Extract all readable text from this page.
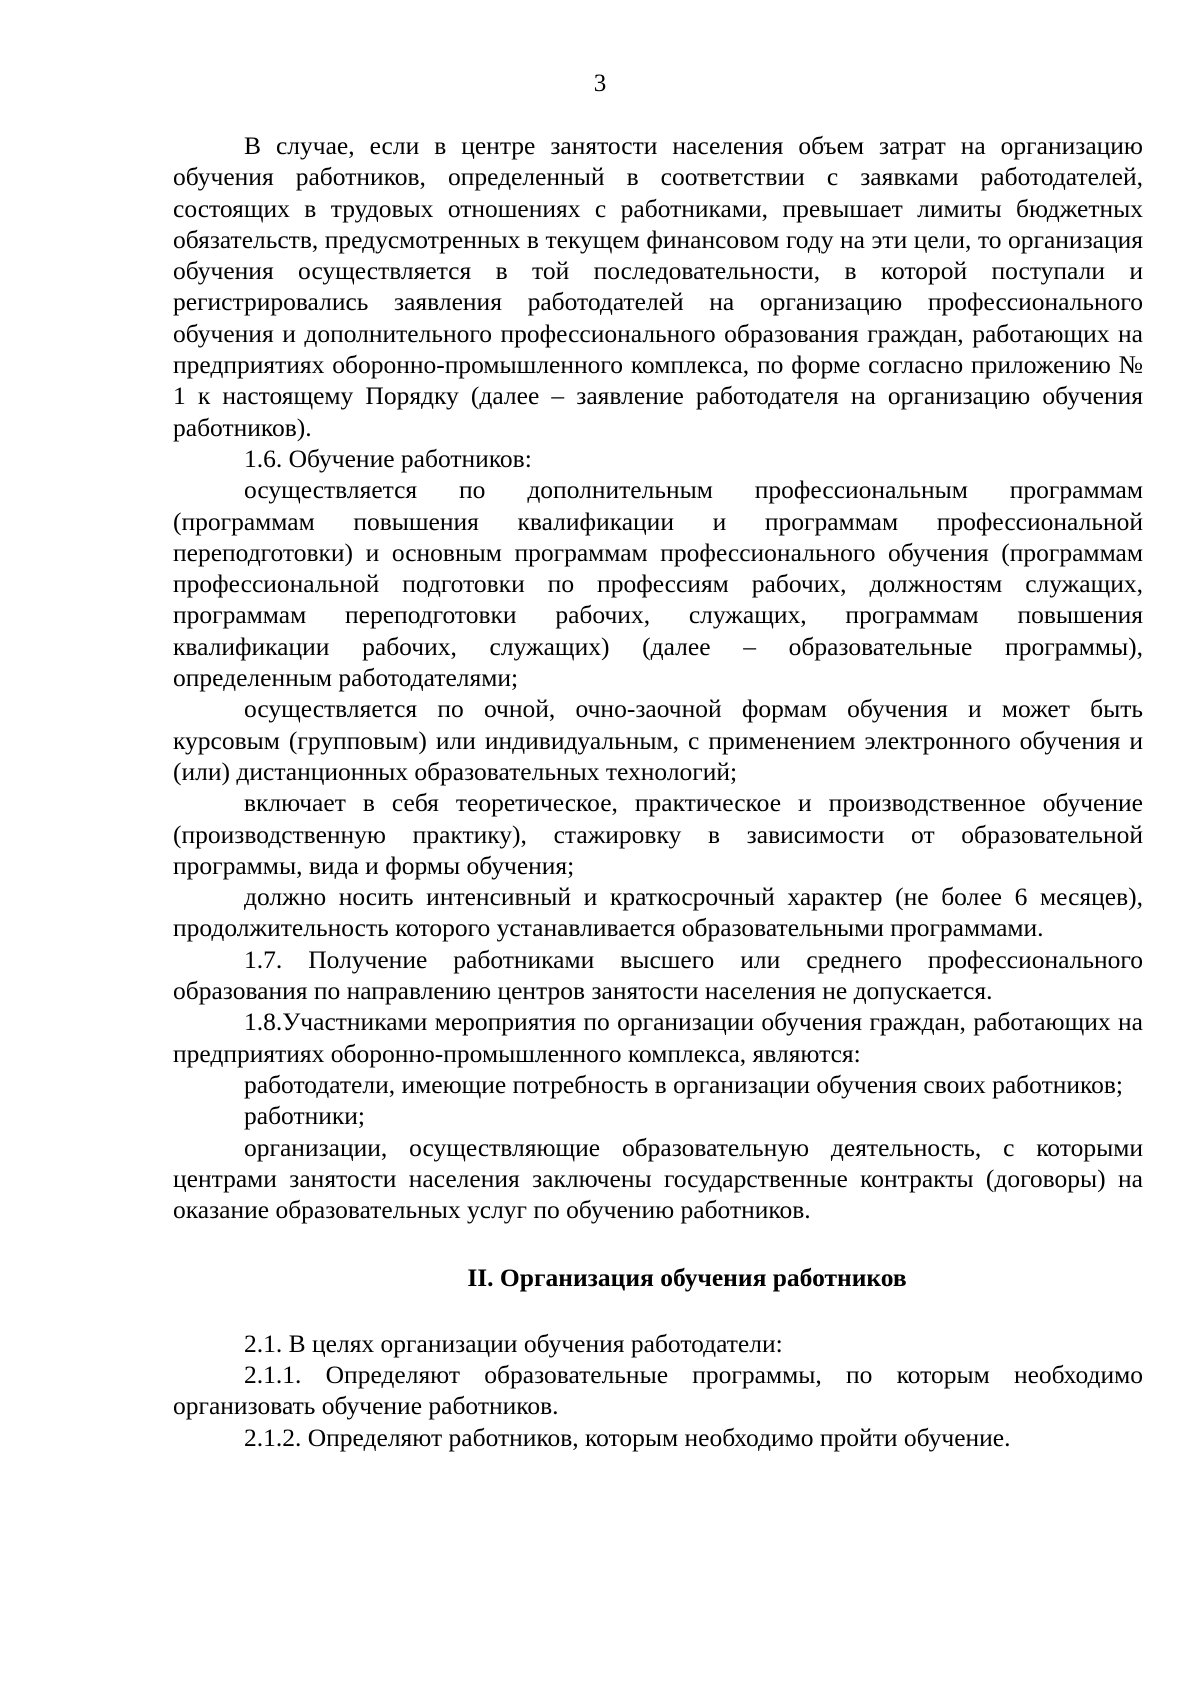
3

В случае, если в центре занятости населения объем затрат на организацию обучения работников, определенный в соответствии с заявками работодателей, состоящих в трудовых отношениях с работниками, превышает лимиты бюджетных обязательств, предусмотренных в текущем финансовом году на эти цели, то организация обучения осуществляется в той последовательности, в которой поступали и регистрировались заявления работодателей на организацию профессионального обучения и дополнительного профессионального образования граждан, работающих на предприятиях оборонно-промышленного комплекса, по форме согласно приложению № 1 к настоящему Порядку (далее – заявление работодателя на организацию обучения работников).

1.6. Обучение работников:

осуществляется по дополнительным профессиональным программам (программам повышения квалификации и программам профессиональной переподготовки) и основным программам профессионального обучения (программам профессиональной подготовки по профессиям рабочих, должностям служащих, программам переподготовки рабочих, служащих, программам повышения квалификации рабочих, служащих) (далее – образовательные программы), определенным работодателями;

осуществляется по очной, очно-заочной формам обучения и может быть курсовым (групповым) или индивидуальным, с применением электронного обучения и (или) дистанционных образовательных технологий;

включает в себя теоретическое, практическое и производственное обучение (производственную практику), стажировку в зависимости от образовательной программы, вида и формы обучения;

должно носить интенсивный и краткосрочный характер (не более 6 месяцев), продолжительность которого устанавливается образовательными программами.

1.7. Получение работниками высшего или среднего профессионального образования по направлению центров занятости населения не допускается.

1.8.Участниками мероприятия по организации обучения граждан, работающих на предприятиях оборонно-промышленного комплекса, являются:

работодатели, имеющие потребность в организации обучения своих работников;

работники;

организации, осуществляющие образовательную деятельность, с которыми центрами занятости населения заключены государственные контракты (договоры) на оказание образовательных услуг по обучению работников.

II. Организация обучения работников

2.1. В целях организации обучения работодатели:

2.1.1. Определяют образовательные программы, по которым необходимо организовать обучение работников.

2.1.2. Определяют работников, которым необходимо пройти обучение.
